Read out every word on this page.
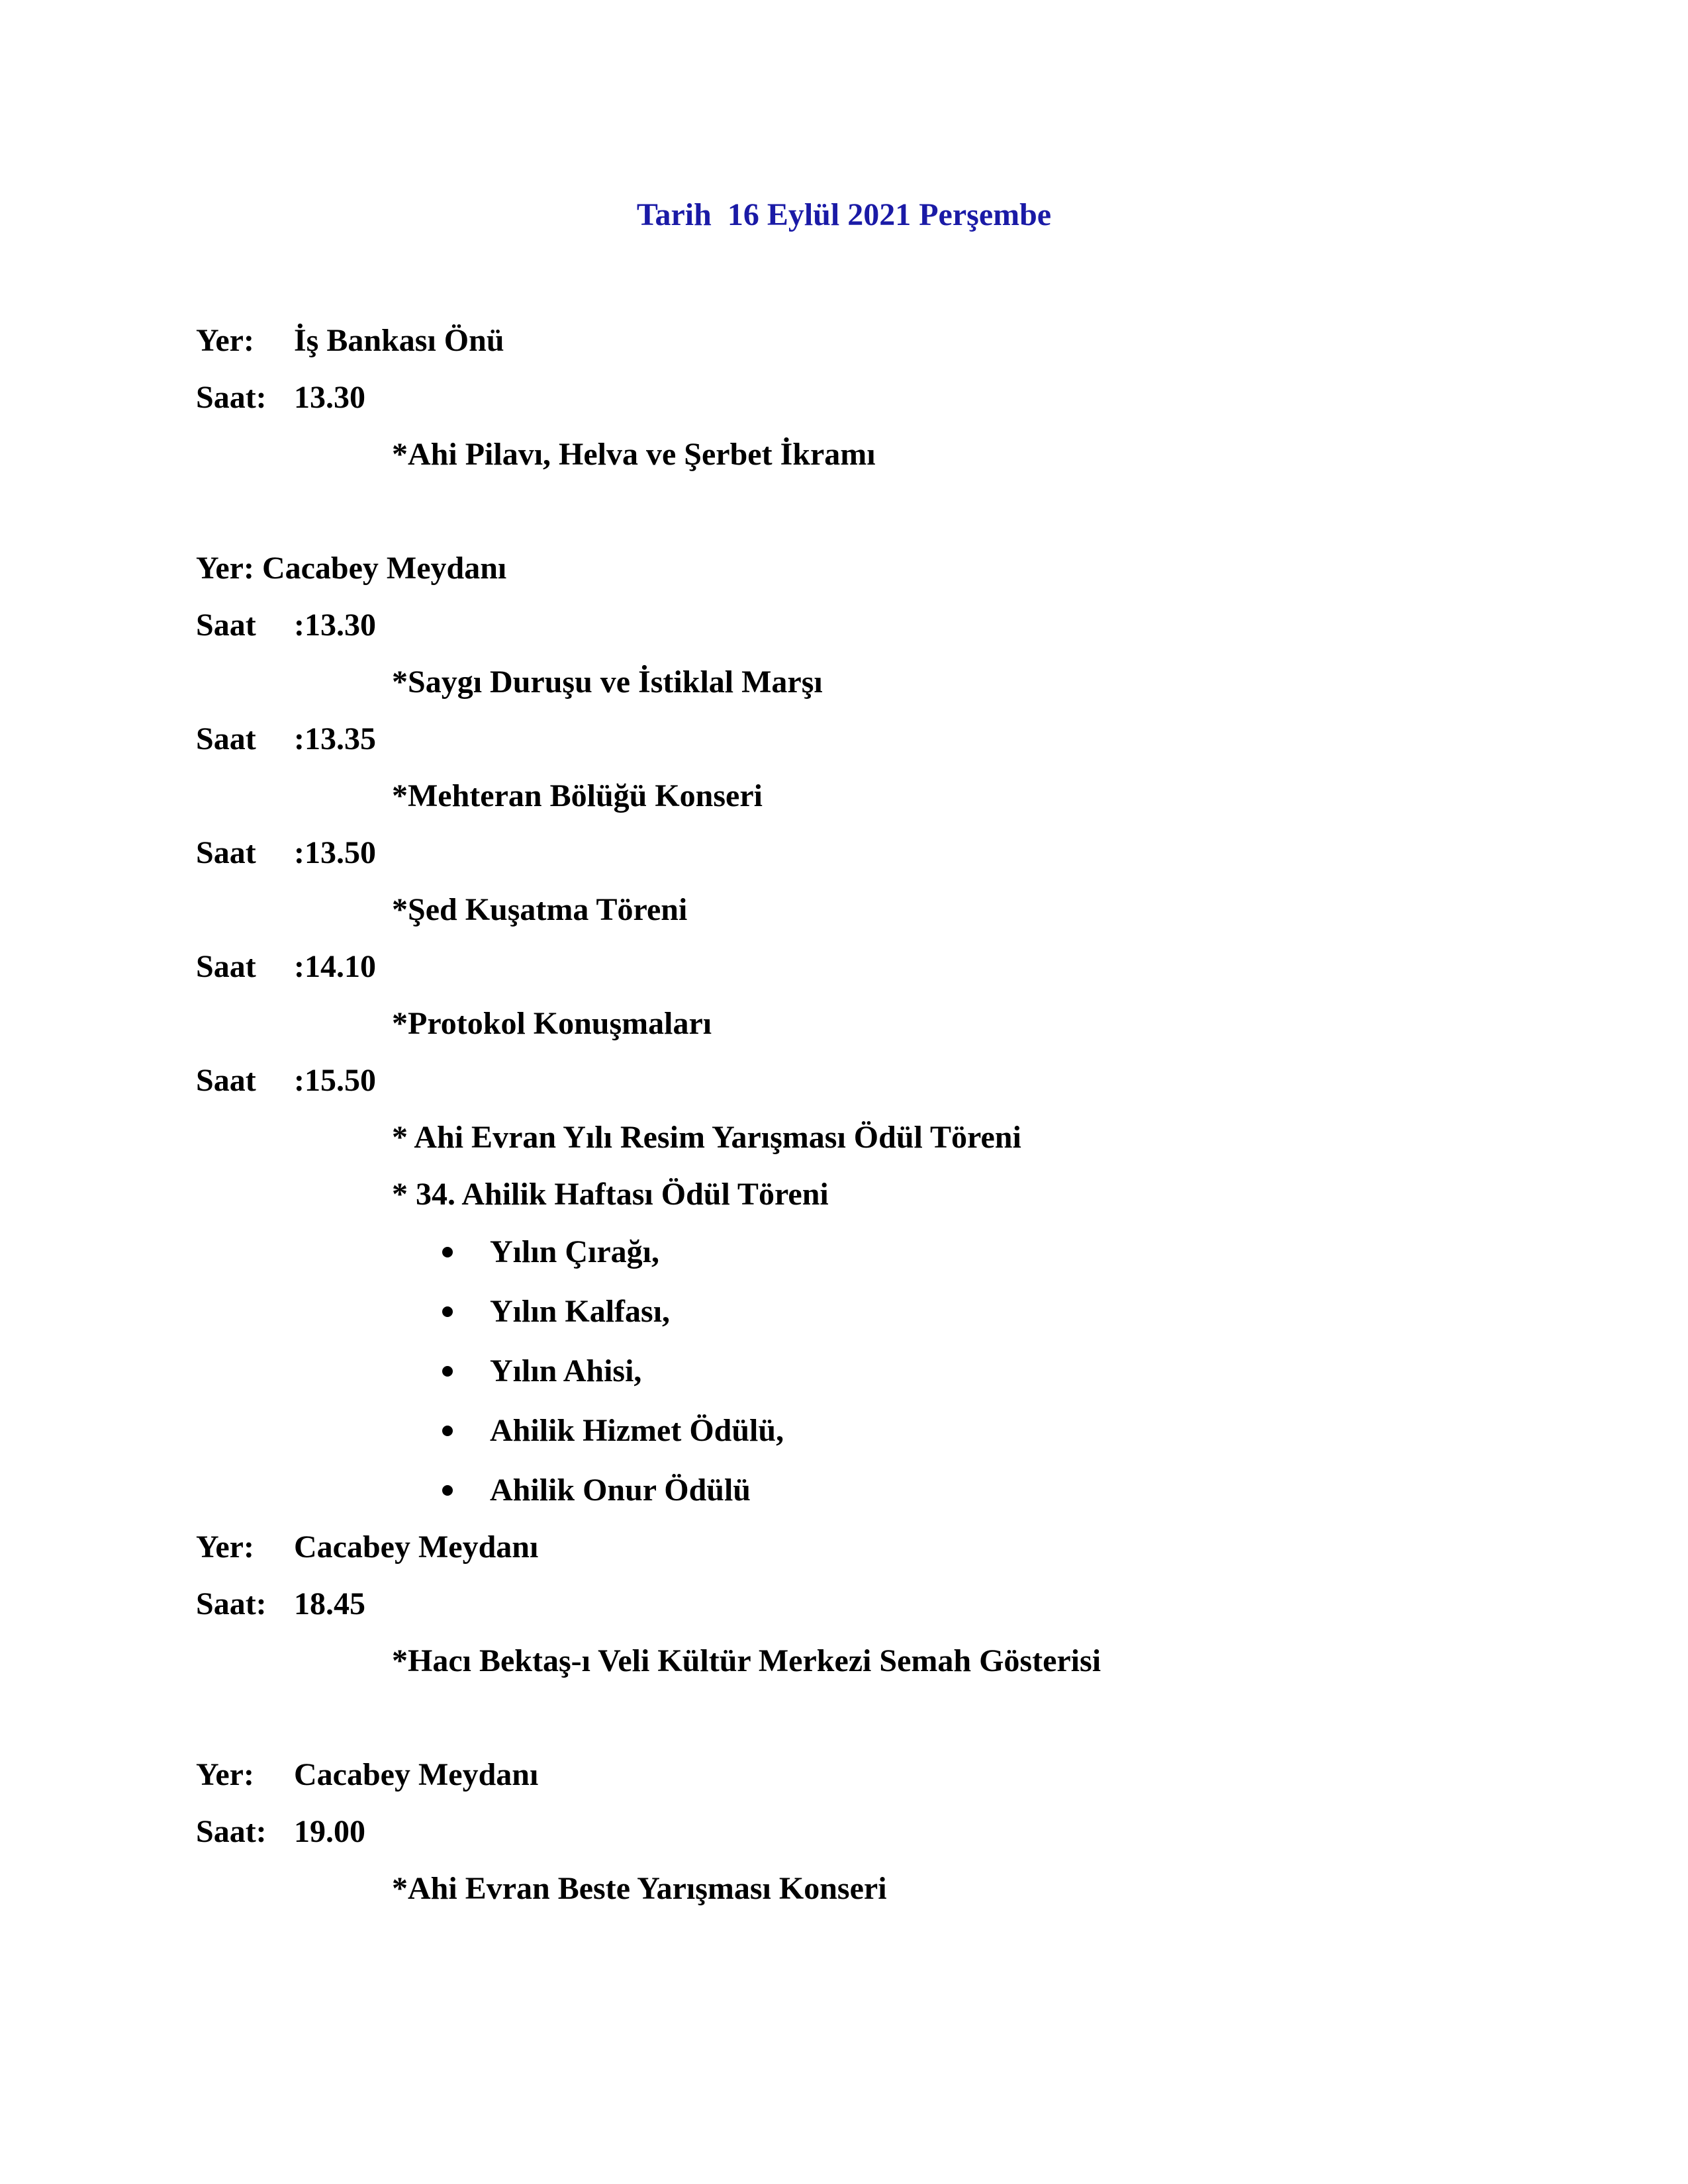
Tarih  16 Eylül 2021 Perşembe
Yer: İş Bankası Önü
Saat: 13.30
*Ahi Pilavı, Helva ve Şerbet İkramı
Yer: Cacabey Meydanı
Saat :13.30
*Saygı Duruşu ve İstiklal Marşı
Saat :13.35
*Mehteran Bölüğü Konseri
Saat :13.50
*Şed Kuşatma Töreni
Saat :14.10
*Protokol Konuşmaları
Saat :15.50
* Ahi Evran Yılı Resim Yarışması Ödül Töreni
* 34. Ahilik Haftası Ödül Töreni
Yılın Çırağı,
Yılın Kalfası,
Yılın Ahisi,
Ahilik Hizmet Ödülü,
Ahilik Onur Ödülü
Yer: Cacabey Meydanı
Saat: 18.45
*Hacı Bektaş-ı Veli Kültür Merkezi Semah Gösterisi
Yer: Cacabey Meydanı
Saat: 19.00
*Ahi Evran Beste Yarışması Konseri
